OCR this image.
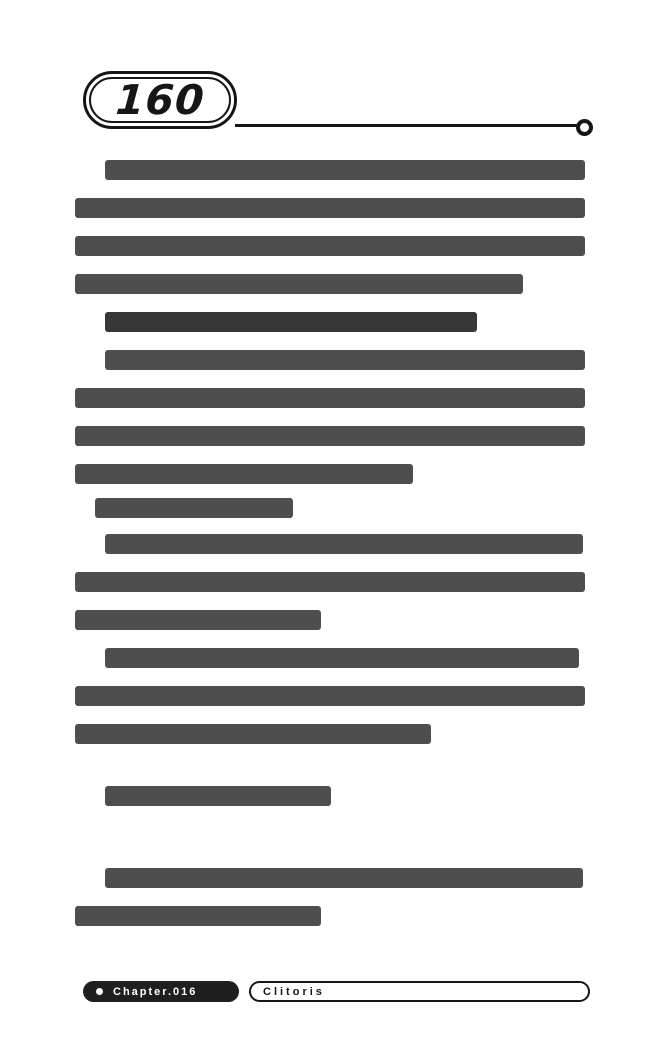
160
Chapter.016	Clitoris
